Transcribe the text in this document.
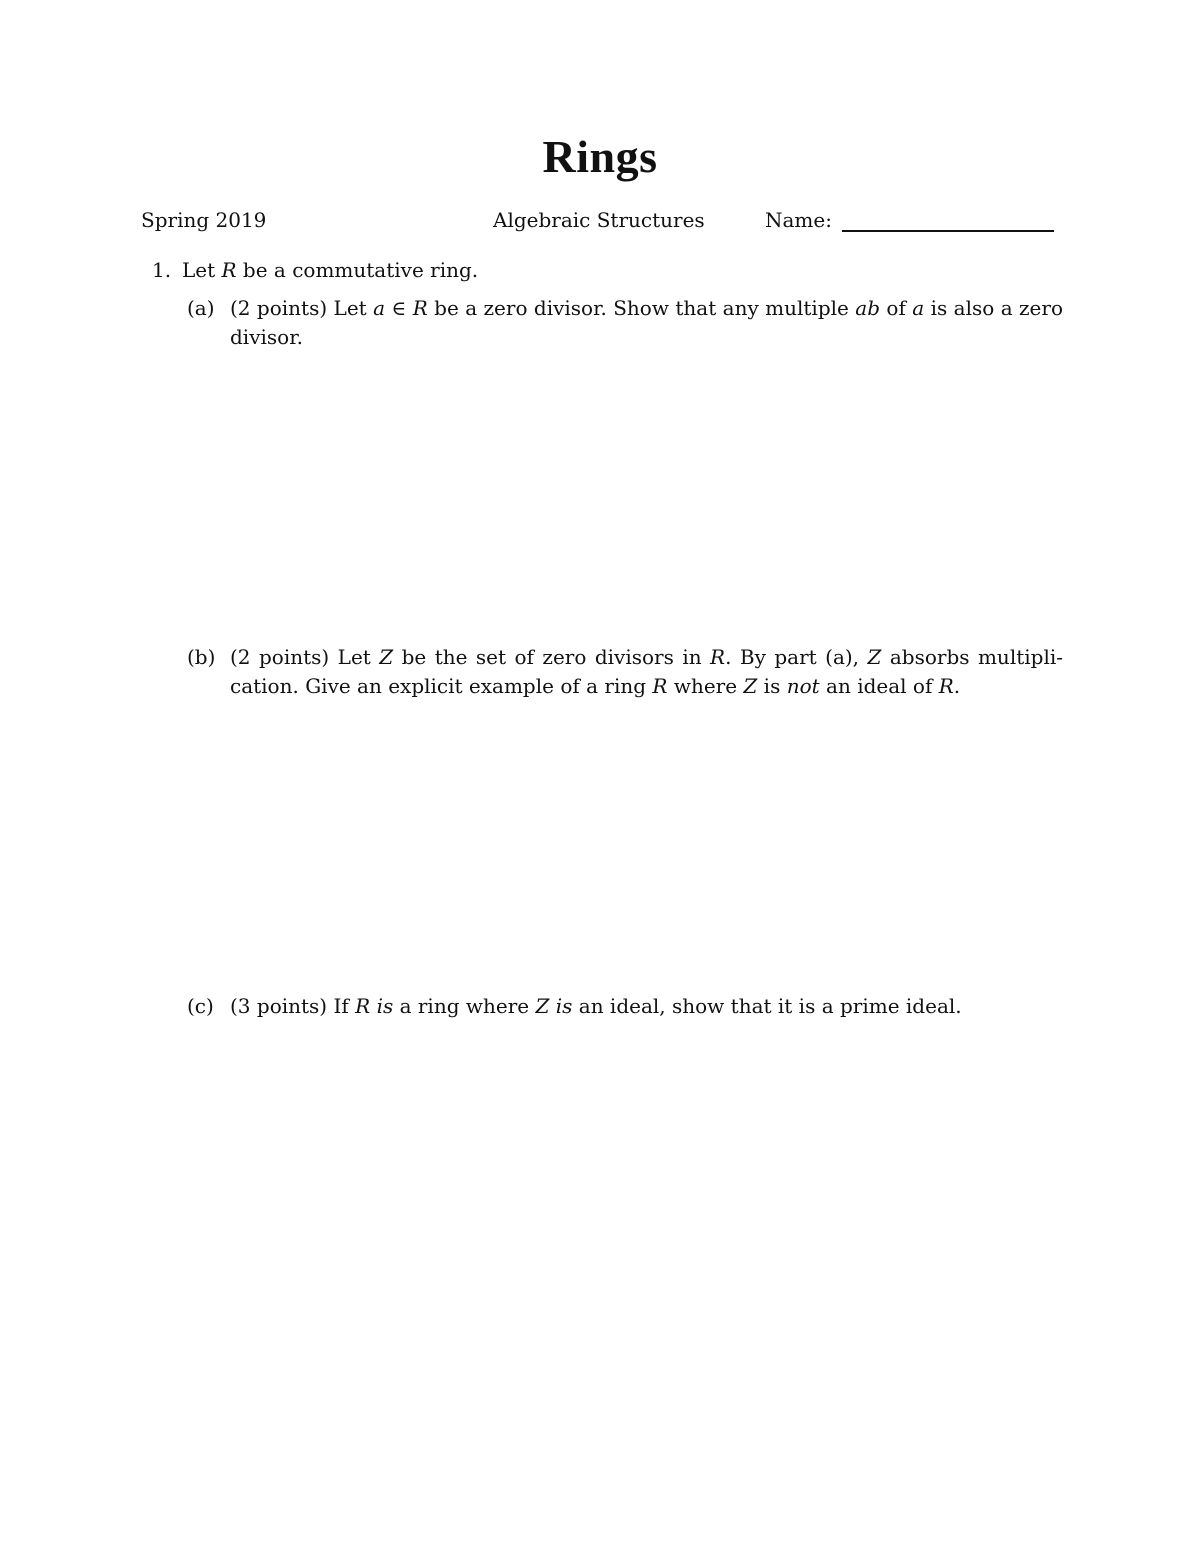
Rings
Spring 2019	Algebraic Structures	Name:
1. Let R be a commutative ring.
(a) (2 points) Let a ∈ R be a zero divisor. Show that any multiple ab of a is also a zero divisor.
(b) (2 points) Let Z be the set of zero divisors in R. By part (a), Z absorbs multipli-cation. Give an explicit example of a ring R where Z is not an ideal of R.
(c) (3 points) If R is a ring where Z is an ideal, show that it is a prime ideal.
